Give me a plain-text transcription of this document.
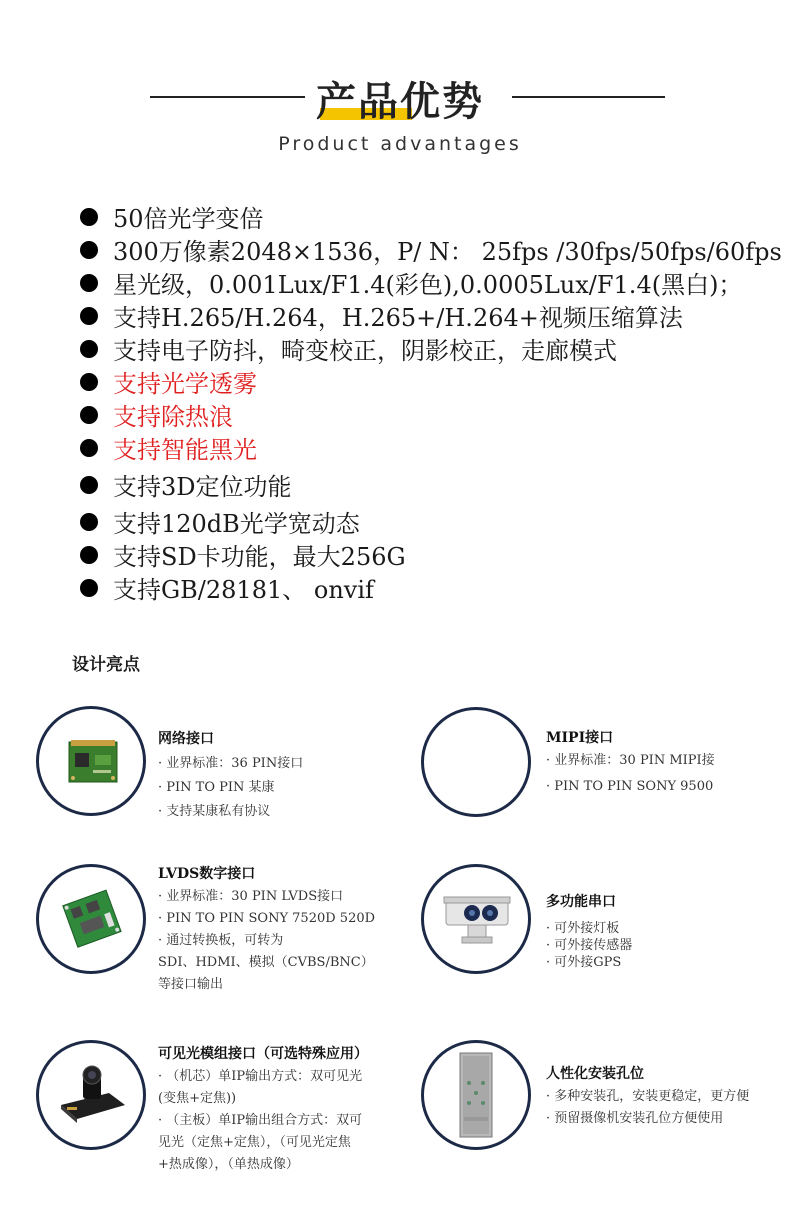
产品优势
Product advantages
50倍光学变倍
300万像素2048×1536，P/ N： 25fps /30fps/50fps/60fps
星光级，0.001Lux/F1.4(彩色),0.0005Lux/F1.4(黑白)；
支持H.265/H.264，H.265+/H.264+视频压缩算法
支持电子防抖，畸变校正，阴影校正，走廊模式
支持光学透雾
支持除热浪
支持智能黑光
支持3D定位功能
支持120dB光学宽动态
支持SD卡功能，最大256G
支持GB/28181、 onvif
设计亮点
网络接口
· 业界标准：36 PIN接口
· PIN TO PIN 某康
· 支持某康私有协议
MIPI接口
· 业界标准：30 PIN MIPI接
· PIN TO PIN SONY 9500
LVDS数字接口
· 业界标准：30 PIN LVDS接口
· PIN TO PIN SONY 7520D 520D
· 通过转换板，可转为
SDI、HDMI、模拟（CVBS/BNC）
等接口输出
多功能串口
· 可外接灯板
· 可外接传感器
· 可外接GPS
可见光模组接口（可选特殊应用）
· （机芯）单IP输出方式：双可见光
(变焦+定焦))
· （主板）单IP输出组合方式：双可
见光（定焦+定焦），（可见光定焦
+热成像），（单热成像）
人性化安装孔位
· 多种安装孔，安装更稳定，更方便
· 预留摄像机安装孔位方便使用
